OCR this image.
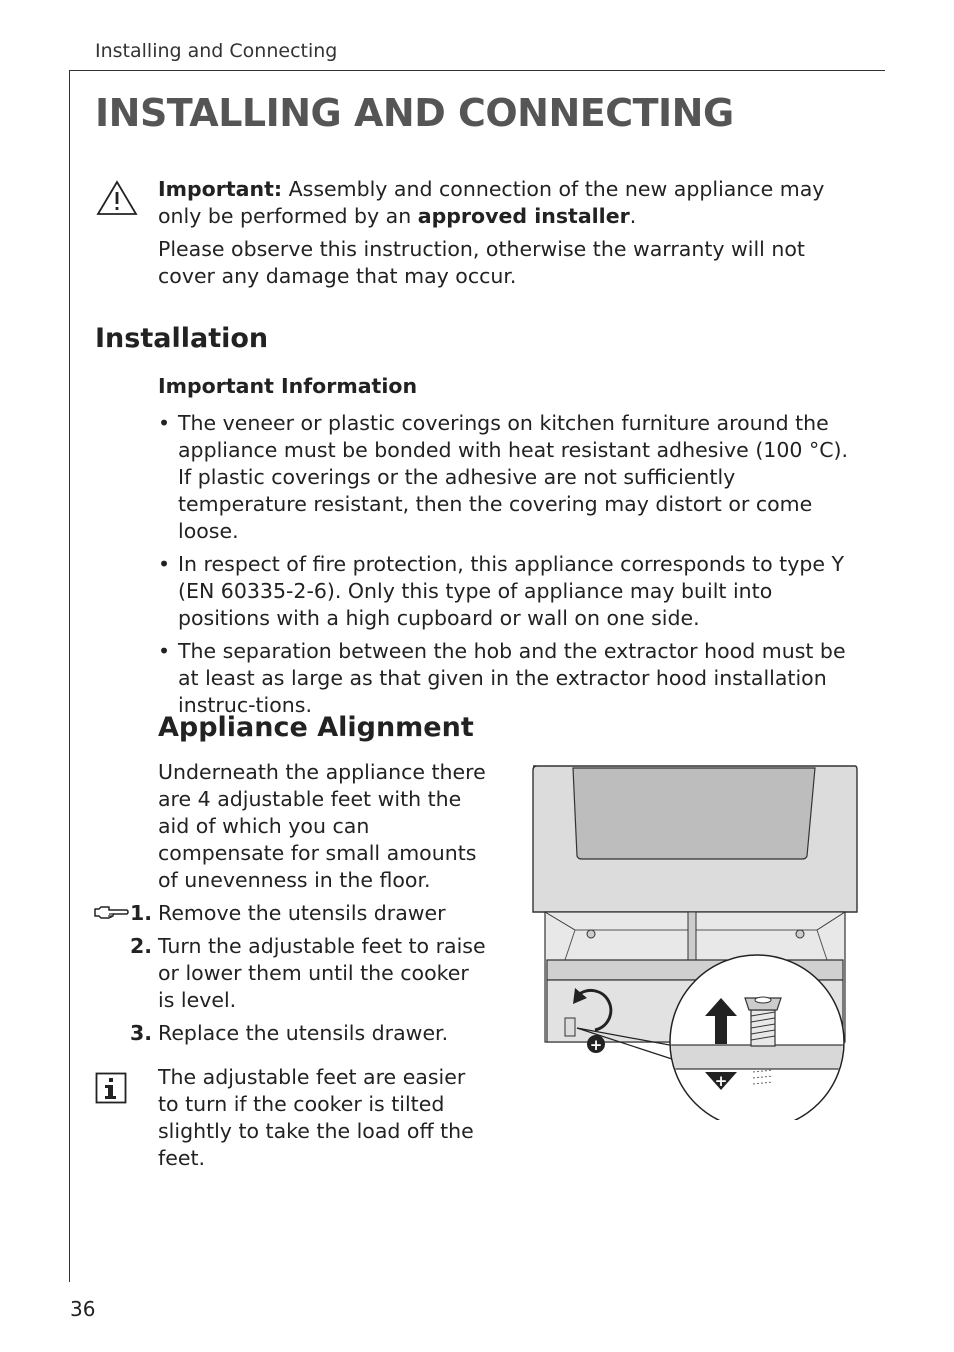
Installing and Connecting
INSTALLING AND CONNECTING

Important: Assembly and connection of the new appliance may only be performed by an approved installer.

Please observe this instruction, otherwise the warranty will not cover any damage that may occur.

Installation
Important Information
• The veneer or plastic coverings on kitchen furniture around the appliance must be bonded with heat resistant adhesive (100 °C). If plastic coverings or the adhesive are not sufficiently temperature resistant, then the covering may distort or come loose.
• In respect of fire protection, this appliance corresponds to type Y (EN 60335-2-6). Only this type of appliance may built into positions with a high cupboard or wall on one side.
• The separation between the hob and the extractor hood must be at least as large as that given in the extractor hood installation instruc-tions.
Appliance Alignment
Underneath the appliance there are 4 adjustable feet with the aid of which you can compensate for small amounts of unevenness in the floor.
1. Remove the utensils drawer
2. Turn the adjustable feet to raise or lower them until the cooker is level.
3. Replace the utensils drawer.
The adjustable feet are easier to turn if the cooker is tilted slightly to take the load off the feet.
+
+
36
